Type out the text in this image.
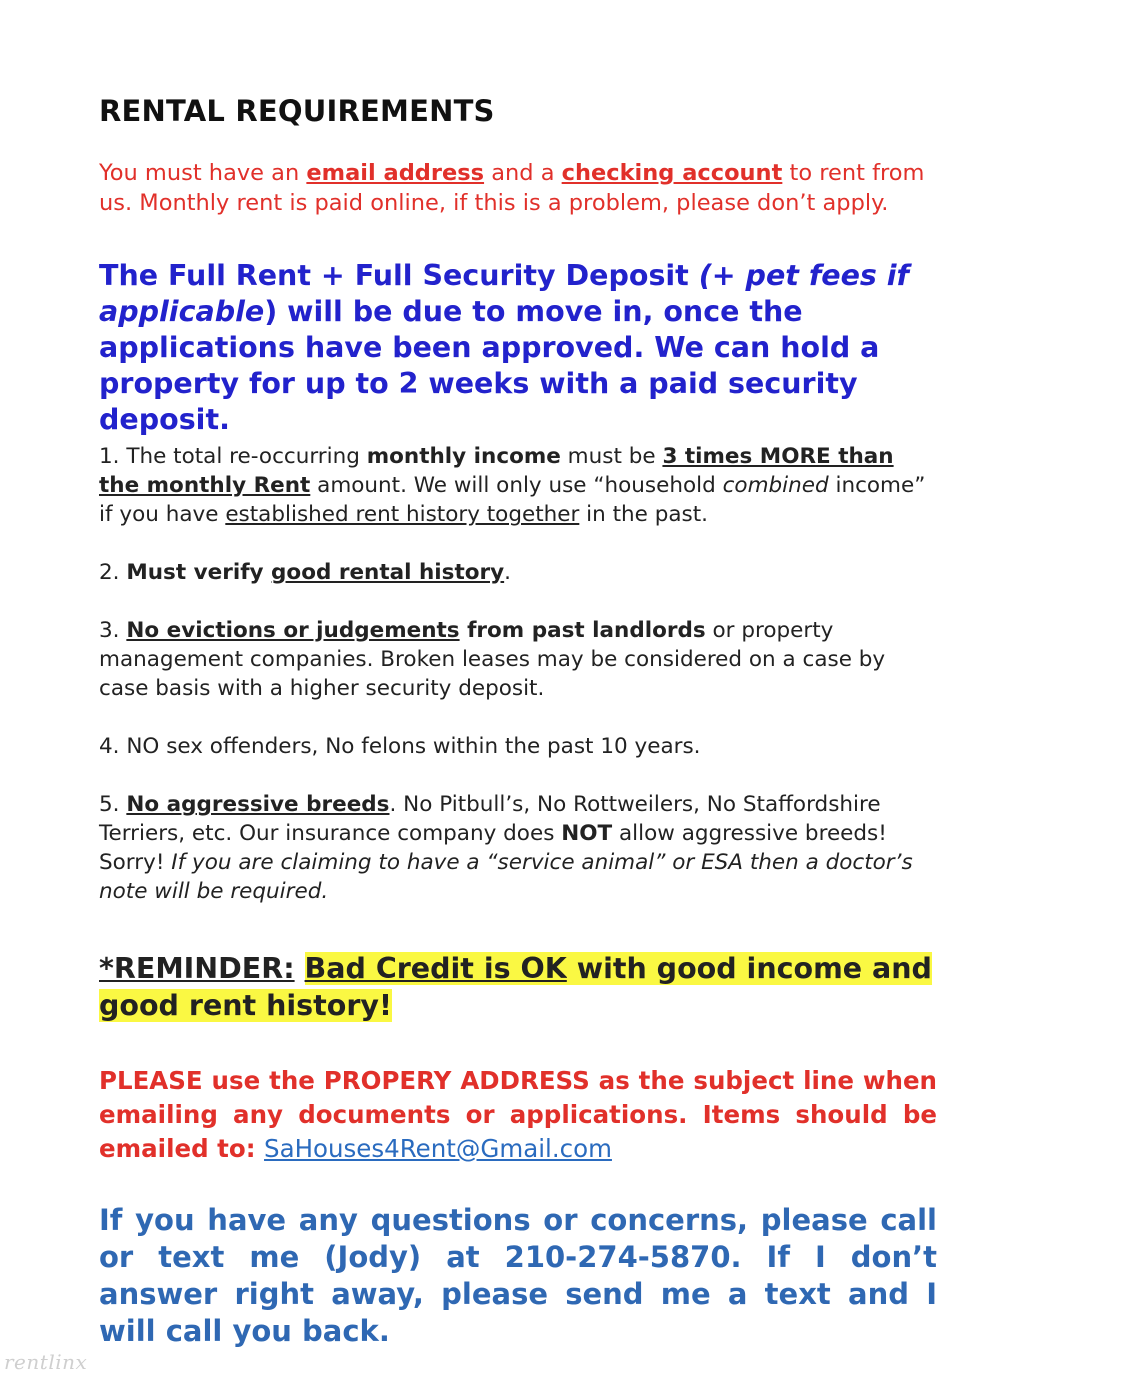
RENTAL REQUIREMENTS

You must have an email address and a checking account to rent from us. Monthly rent is paid online, if this is a problem, please don’t apply.

The Full Rent + Full Security Deposit (+ pet fees if applicable) will be due to move in, once the applications have been approved. We can hold a property for up to 2 weeks with a paid security deposit.

1. The total re-occurring monthly income must be 3 times MORE than the monthly Rent amount. We will only use “household combined income” if you have established rent history together in the past.

2. Must verify good rental history.

3. No evictions or judgements from past landlords or property management companies. Broken leases may be considered on a case by case basis with a higher security deposit.

4. NO sex offenders, No felons within the past 10 years.

5. No aggressive breeds. No Pitbull’s, No Rottweilers, No Staffordshire Terriers, etc. Our insurance company does NOT allow aggressive breeds! Sorry! If you are claiming to have a “service animal” or ESA then a doctor’s note will be required.

*REMINDER: Bad Credit is OK with good income and good rent history!

PLEASE use the PROPERY ADDRESS as the subject line when emailing any documents or applications. Items should be emailed to: SaHouses4Rent@Gmail.com

If you have any questions or concerns, please call or text me (Jody) at 210-274-5870. If I don’t answer right away, please send me a text and I will call you back.

rentlinx
